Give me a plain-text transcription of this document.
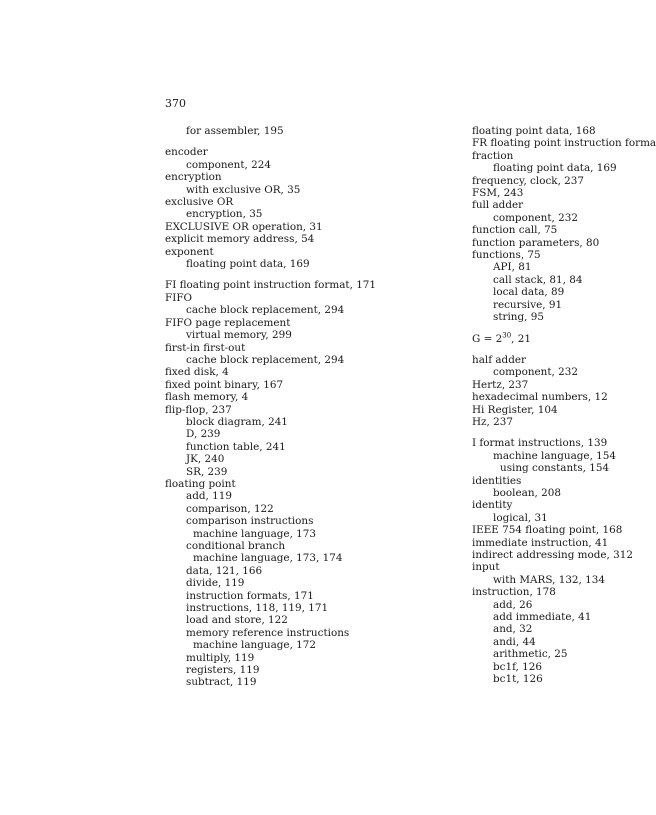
370
for assembler, 195
encoder
component, 224
encryption
with exclusive OR, 35
exclusive OR
encryption, 35
EXCLUSIVE OR operation, 31
explicit memory address, 54
exponent
floating point data, 169
FI floating point instruction format, 171
FIFO
cache block replacement, 294
FIFO page replacement
virtual memory, 299
first-in first-out
cache block replacement, 294
fixed disk, 4
fixed point binary, 167
flash memory, 4
flip-flop, 237
block diagram, 241
D, 239
function table, 241
JK, 240
SR, 239
floating point
add, 119
comparison, 122
comparison instructions
machine language, 173
conditional branch
machine language, 173, 174
data, 121, 166
divide, 119
instruction formats, 171
instructions, 118, 119, 171
load and store, 122
memory reference instructions
machine language, 172
multiply, 119
registers, 119
subtract, 119
floating point data, 168
FR floating point instruction forma
fraction
floating point data, 169
frequency, clock, 237
FSM, 243
full adder
component, 232
function call, 75
function parameters, 80
functions, 75
API, 81
call stack, 81, 84
local data, 89
recursive, 91
string, 95
$G = 2^{30}$, 21
half adder
component, 232
Hertz, 237
hexadecimal numbers, 12
Hi Register, 104
Hz, 237
I format instructions, 139
machine language, 154
using constants, 154
identities
boolean, 208
identity
logical, 31
IEEE 754 floating point, 168
immediate instruction, 41
indirect addressing mode, 312
input
with MARS, 132, 134
instruction, 178
add, 26
add immediate, 41
and, 32
andi, 44
arithmetic, 25
bc1f, 126
bc1t, 126
